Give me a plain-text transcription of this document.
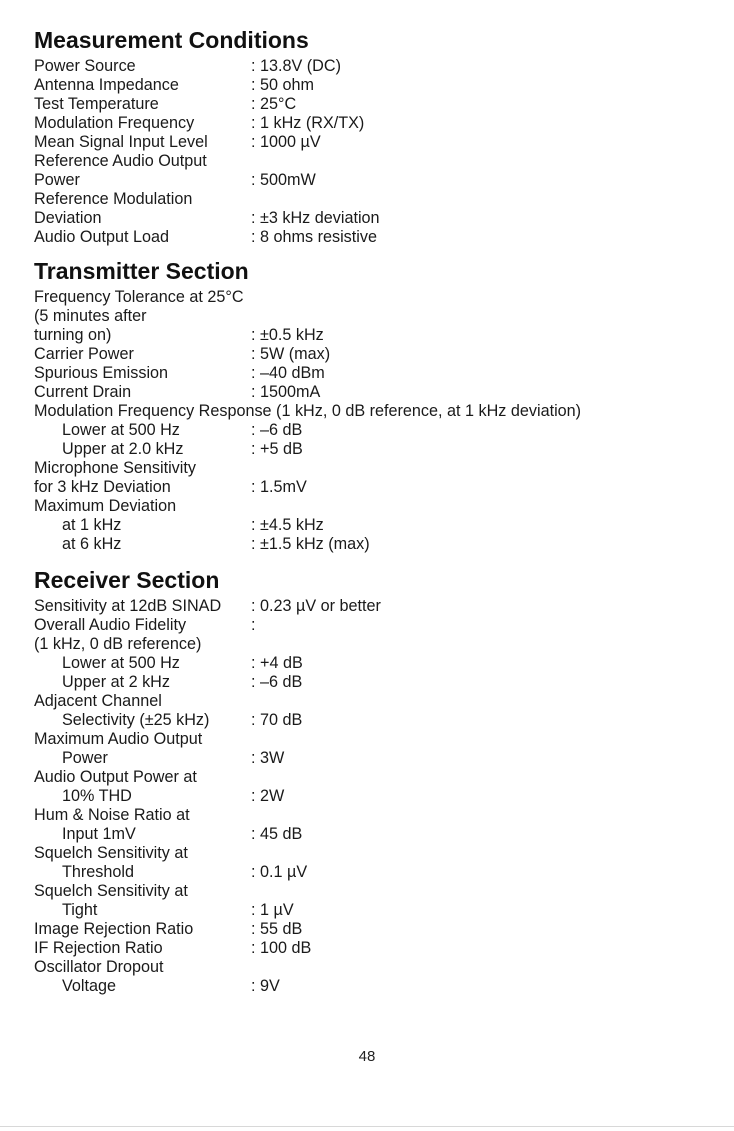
Measurement Conditions
Power Source	: 13.8V (DC)
Antenna Impedance	: 50 ohm
Test Temperature	: 25°C
Modulation Frequency	: 1 kHz (RX/TX)
Mean Signal Input Level	: 1000 µV
Reference Audio Output
Power	: 500mW
Reference Modulation
Deviation	: ±3 kHz deviation
Audio Output Load	: 8 ohms resistive
Transmitter Section
Frequency Tolerance at 25°C
(5 minutes after
turning on)	: ±0.5 kHz
Carrier Power	: 5W (max)
Spurious Emission	: –40 dBm
Current Drain	: 1500mA
Modulation Frequency Response (1 kHz, 0 dB reference, at 1 kHz deviation)
Lower at 500 Hz	: –6 dB
Upper at 2.0 kHz	: +5 dB
Microphone Sensitivity
for 3 kHz Deviation	: 1.5mV
Maximum Deviation
at 1 kHz	: ±4.5 kHz
at 6 kHz	: ±1.5 kHz (max)
Receiver Section
Sensitivity at 12dB SINAD : 0.23 µV or better
Overall Audio Fidelity	:
(1 kHz, 0 dB reference)
Lower at 500 Hz	: +4 dB
Upper at 2 kHz	: –6 dB
Adjacent Channel
Selectivity (±25 kHz)	: 70 dB
Maximum Audio Output
Power	: 3W
Audio Output Power at
10% THD	: 2W
Hum & Noise Ratio at
Input 1mV	: 45 dB
Squelch Sensitivity at
Threshold	: 0.1 µV
Squelch Sensitivity at
Tight	: 1 µV
Image Rejection Ratio	: 55 dB
IF Rejection Ratio	: 100 dB
Oscillator Dropout
Voltage	: 9V
48
